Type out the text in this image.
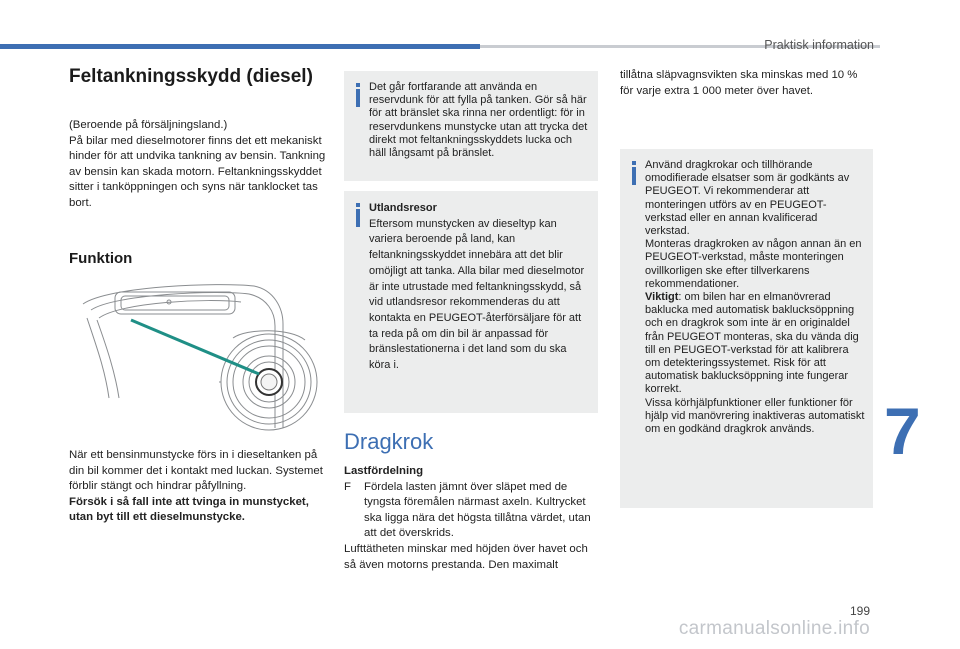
Praktisk information
Feltankningsskydd (diesel)

(Beroende på försäljningsland.)

På bilar med dieselmotorer finns det ett mekaniskt hinder för att undvika tankning av bensin. Tankning av bensin kan skada motorn. Feltankningsskyddet sitter i tanköppningen och syns när tanklocket tas bort.

Funktion

När ett bensinmunstycke förs in i dieseltanken på din bil kommer det i kontakt med luckan. Systemet förblir stängt och hindrar påfyllning.

Försök i så fall inte att tvinga in munstycket, utan byt till ett dieselmunstycke.

Det går fortfarande att använda en reservdunk för att fylla på tanken. Gör så här för att bränslet ska rinna ner ordentligt: för in reservdunkens munstycke utan att trycka det direkt mot feltankningsskyddets lucka och häll långsamt på bränslet.
Utlandsresor
Eftersom munstycken av dieseltyp kan variera beroende på land, kan feltankningsskyddet innebära att det blir omöjligt att tanka. Alla bilar med dieselmotor är inte utrustade med feltankningsskydd, så vid utlandsresor rekommenderas du att kontakta en PEUGEOT-återförsäljare för att ta reda på om din bil är anpassad för bränslestationerna i det land som du ska köra i.
Dragkrok

Lastfördelning

F	Fördela lasten jämnt över släpet med de tyngsta föremålen närmast axeln. Kultrycket ska ligga nära det högsta tillåtna värdet, utan att det överskrids.

Lufttätheten minskar med höjden över havet och så även motorns prestanda. Den maximalt

tillåtna släpvagnsvikten ska minskas med 10 % för varje extra 1 000 meter över havet.

Använd dragkrokar och tillhörande omodifierade elsatser som är godkänts av PEUGEOT. Vi rekommenderar att monteringen utförs av en PEUGEOT-verkstad eller en annan kvalificerad verkstad.
Monteras dragkroken av någon annan än en PEUGEOT-verkstad, måste monteringen ovillkorligen ske efter tillverkarens rekommendationer.
Viktigt: om bilen har en elmanövrerad baklucka med automatisk baklucksöppning och en dragkrok som inte är en originaldel från PEUGEOT monteras, ska du vända dig till en PEUGEOT-verkstad för att kalibrera om detekteringssystemet. Risk för att automatisk baklucksöppning inte fungerar korrekt.
Vissa körhjälpfunktioner eller funktioner för hjälp vid manövrering inaktiveras automatiskt om en godkänd dragkrok används.	7
199
carmanualsonline.info
